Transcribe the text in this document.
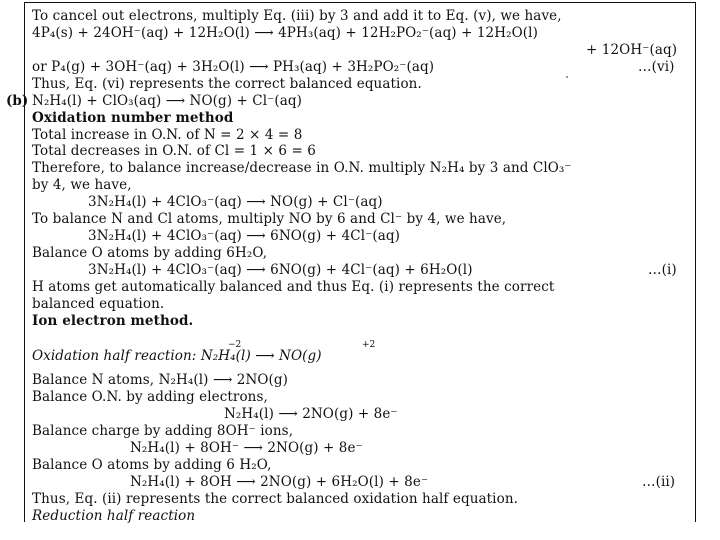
To cancel out electrons, multiply Eq. (iii) by 3 and add it to Eq. (v), we have,
4P₄(s) + 24OH⁻(aq) + 12H₂O(l) ⟶ 4PH₃(aq) + 12H₂PO₂⁻(aq) + 12H₂O(l)
+ 12OH⁻(aq)
or P₄(g) + 3OH⁻(aq) + 3H₂O(l) ⟶ PH₃(aq) + 3H₂PO₂⁻(aq)	…(vi)
Thus, Eq. (vi) represents the correct balanced equation.
(b) N₂H₄(l) + ClO₃(aq) ⟶ NO(g) + Cl⁻(aq)
Oxidation number method
Total increase in O.N. of N = 2 × 4 = 8
Total decreases in O.N. of Cl = 1 × 6 = 6
Therefore, to balance increase/decrease in O.N. multiply N₂H₄ by 3 and ClO₃⁻
by 4, we have,
3N₂H₄(l) + 4ClO₃⁻(aq) ⟶ NO(g) + Cl⁻(aq)
To balance N and Cl atoms, multiply NO by 6 and Cl⁻ by 4, we have,
3N₂H₄(l) + 4ClO₃⁻(aq) ⟶ 6NO(g) + 4Cl⁻(aq)
Balance O atoms by adding 6H₂O,
3N₂H₄(l) + 4ClO₃⁻(aq) ⟶ 6NO(g) + 4Cl⁻(aq) + 6H₂O(l)	…(i)
H atoms get automatically balanced and thus Eq. (i) represents the correct
balanced equation.
Ion electron method.
−2	+2
Oxidation half reaction: N₂H₄(l) ⟶ NO(g)
Balance N atoms, N₂H₄(l) ⟶ 2NO(g)
Balance O.N. by adding electrons,
N₂H₄(l) ⟶ 2NO(g) + 8e⁻
Balance charge by adding 8OH⁻ ions,
N₂H₄(l) + 8OH⁻ ⟶ 2NO(g) + 8e⁻
Balance O atoms by adding 6 H₂O,
N₂H₄(l) + 8OH ⟶ 2NO(g) + 6H₂O(l) + 8e⁻	…(ii)
Thus, Eq. (ii) represents the correct balanced oxidation half equation.
Reduction half reaction
